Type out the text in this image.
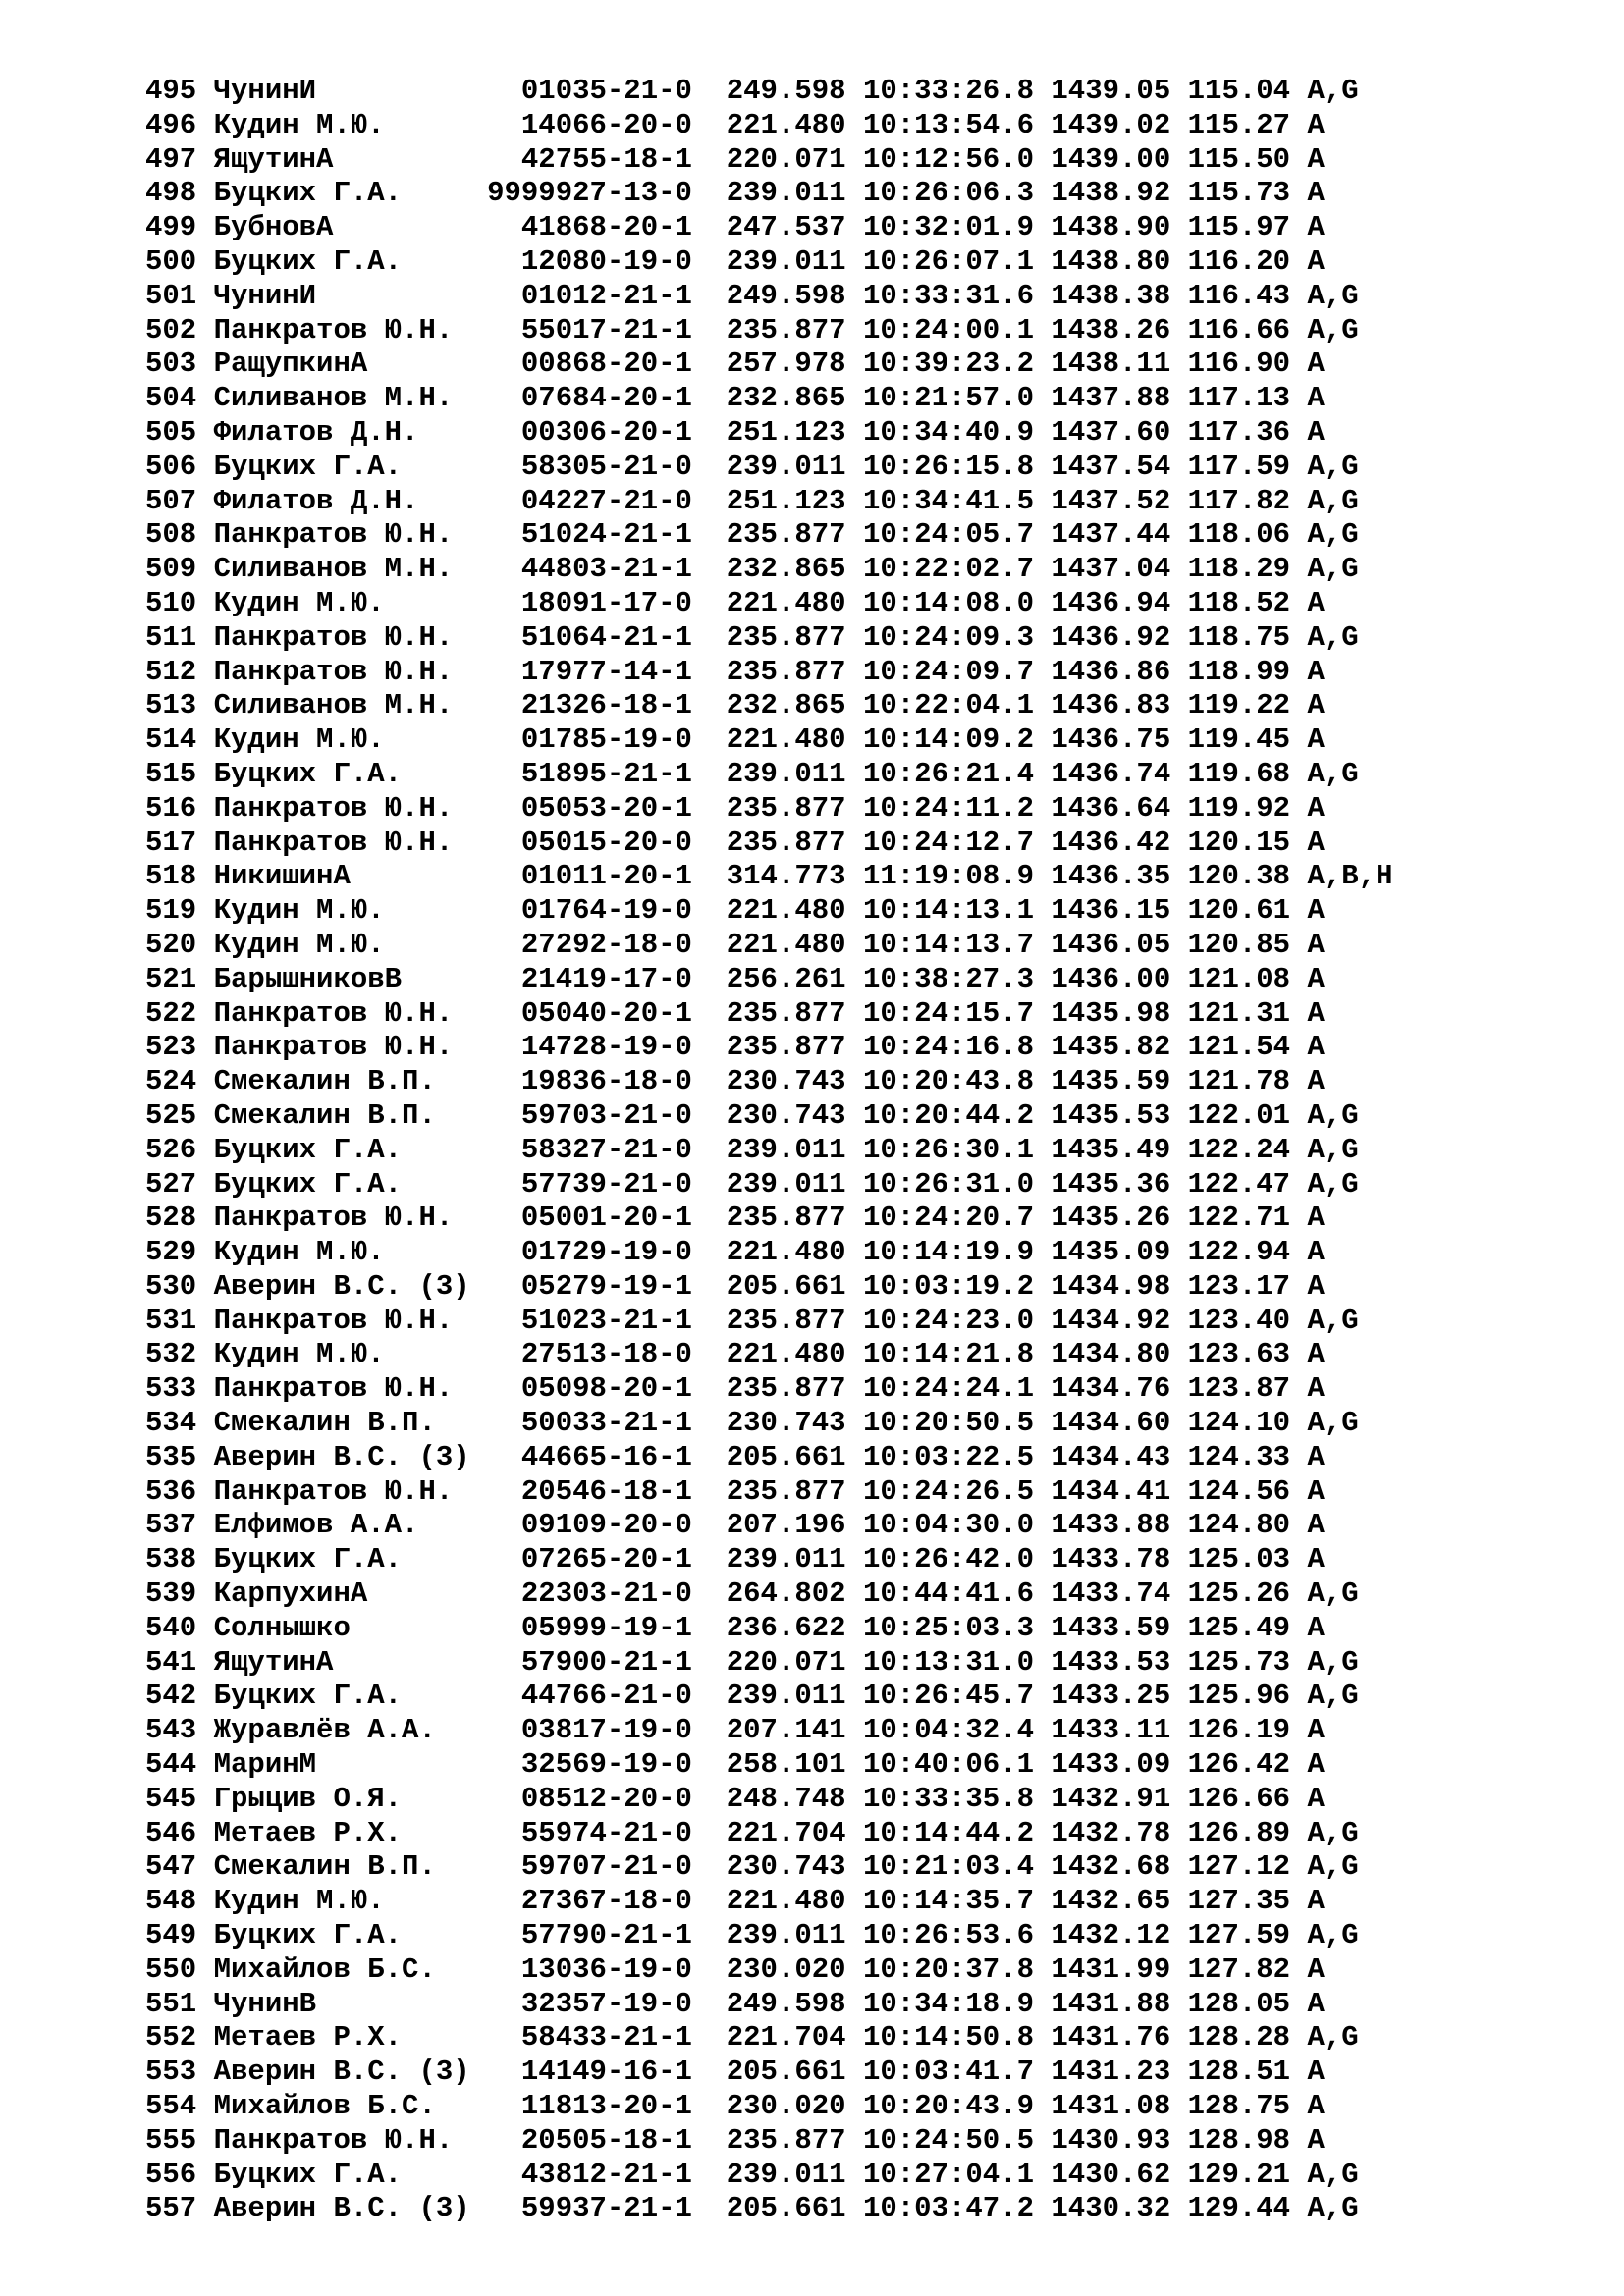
495 ЧунинИ	01035-21-0 249.598 10:33:26.8 1439.05 115.04 A,G
496 Кудин М.Ю.	14066-20-0 221.480 10:13:54.6 1439.02 115.27 A
497 ЯщутинА	42755-18-1 220.071 10:12:56.0 1439.00 115.50 A
498 Буцких Г.А.	9999927-13-0 239.011 10:26:06.3 1438.92 115.73 A
499 БубновА	41868-20-1 247.537 10:32:01.9 1438.90 115.97 A
500 Буцких Г.А.	12080-19-0 239.011 10:26:07.1 1438.80 116.20 A
501 ЧунинИ	01012-21-1 249.598 10:33:31.6 1438.38 116.43 A,G
502 Панкратов Ю.Н. 55017-21-1 235.877 10:24:00.1 1438.26 116.66 A,G
503 РащупкинА	00868-20-1 257.978 10:39:23.2 1438.11 116.90 A
504 Силиванов М.Н. 07684-20-1 232.865 10:21:57.0 1437.88 117.13 A
505 Филатов Д.Н.	00306-20-1 251.123 10:34:40.9 1437.60 117.36 A
506 Буцких Г.А.	58305-21-0 239.011 10:26:15.8 1437.54 117.59 A,G
507 Филатов Д.Н.	04227-21-0 251.123 10:34:41.5 1437.52 117.82 A,G
508 Панкратов Ю.Н. 51024-21-1 235.877 10:24:05.7 1437.44 118.06 A,G
509 Силиванов М.Н. 44803-21-1 232.865 10:22:02.7 1437.04 118.29 A,G
510 Кудин М.Ю.	18091-17-0 221.480 10:14:08.0 1436.94 118.52 A
511 Панкратов Ю.Н. 51064-21-1 235.877 10:24:09.3 1436.92 118.75 A,G
512 Панкратов Ю.Н. 17977-14-1 235.877 10:24:09.7 1436.86 118.99 A
513 Силиванов М.Н. 21326-18-1 232.865 10:22:04.1 1436.83 119.22 A
514 Кудин М.Ю.	01785-19-0 221.480 10:14:09.2 1436.75 119.45 A
515 Буцких Г.А.	51895-21-1 239.011 10:26:21.4 1436.74 119.68 A,G
516 Панкратов Ю.Н. 05053-20-1 235.877 10:24:11.2 1436.64 119.92 A
517 Панкратов Ю.Н. 05015-20-0 235.877 10:24:12.7 1436.42 120.15 A
518 НикишинА	01011-20-1 314.773 11:19:08.9 1436.35 120.38 A,B,H
519 Кудин М.Ю.	01764-19-0 221.480 10:14:13.1 1436.15 120.61 A
520 Кудин М.Ю.	27292-18-0 221.480 10:14:13.7 1436.05 120.85 A
521 БарышниковВ	21419-17-0 256.261 10:38:27.3 1436.00 121.08 A
522 Панкратов Ю.Н. 05040-20-1 235.877 10:24:15.7 1435.98 121.31 A
523 Панкратов Ю.Н. 14728-19-0 235.877 10:24:16.8 1435.82 121.54 A
524 Смекалин В.П.	19836-18-0 230.743 10:20:43.8 1435.59 121.78 A
525 Смекалин В.П.	59703-21-0 230.743 10:20:44.2 1435.53 122.01 A,G
526 Буцких Г.А.	58327-21-0 239.011 10:26:30.1 1435.49 122.24 A,G
527 Буцких Г.А.	57739-21-0 239.011 10:26:31.0 1435.36 122.47 A,G
528 Панкратов Ю.Н. 05001-20-1 235.877 10:24:20.7 1435.26 122.71 A
529 Кудин М.Ю.	01729-19-0 221.480 10:14:19.9 1435.09 122.94 A
530 Аверин В.С. (3) 05279-19-1 205.661 10:03:19.2 1434.98 123.17 A
531 Панкратов Ю.Н. 51023-21-1 235.877 10:24:23.0 1434.92 123.40 A,G
532 Кудин М.Ю.	27513-18-0 221.480 10:14:21.8 1434.80 123.63 A
533 Панкратов Ю.Н. 05098-20-1 235.877 10:24:24.1 1434.76 123.87 A
534 Смекалин В.П.	50033-21-1 230.743 10:20:50.5 1434.60 124.10 A,G
535 Аверин В.С. (3) 44665-16-1 205.661 10:03:22.5 1434.43 124.33 A
536 Панкратов Ю.Н. 20546-18-1 235.877 10:24:26.5 1434.41 124.56 A
537 Елфимов А.А.	09109-20-0 207.196 10:04:30.0 1433.88 124.80 A
538 Буцких Г.А.	07265-20-1 239.011 10:26:42.0 1433.78 125.03 A
539 КарпухинА	22303-21-0 264.802 10:44:41.6 1433.74 125.26 A,G
540 Солнышко	05999-19-1 236.622 10:25:03.3 1433.59 125.49 A
541 ЯщутинА	57900-21-1 220.071 10:13:31.0 1433.53 125.73 A,G
542 Буцких Г.А.	44766-21-0 239.011 10:26:45.7 1433.25 125.96 A,G
543 Журавлёв А.А.	03817-19-0 207.141 10:04:32.4 1433.11 126.19 A
544 МаринМ	32569-19-0 258.101 10:40:06.1 1433.09 126.42 A
545 Грыцив О.Я.	08512-20-0 248.748 10:33:35.8 1432.91 126.66 A
546 Метаев Р.Х.	55974-21-0 221.704 10:14:44.2 1432.78 126.89 A,G
547 Смекалин В.П.	59707-21-0 230.743 10:21:03.4 1432.68 127.12 A,G
548 Кудин М.Ю.	27367-18-0 221.480 10:14:35.7 1432.65 127.35 A
549 Буцких Г.А.	57790-21-1 239.011 10:26:53.6 1432.12 127.59 A,G
550 Михайлов Б.С.	13036-19-0 230.020 10:20:37.8 1431.99 127.82 A
551 ЧунинВ	32357-19-0 249.598 10:34:18.9 1431.88 128.05 A
552 Метаев Р.Х.	58433-21-1 221.704 10:14:50.8 1431.76 128.28 A,G
553 Аверин В.С. (3) 14149-16-1 205.661 10:03:41.7 1431.23 128.51 A
554 Михайлов Б.С.	11813-20-1 230.020 10:20:43.9 1431.08 128.75 A
555 Панкратов Ю.Н. 20505-18-1 235.877 10:24:50.5 1430.93 128.98 A
556 Буцких Г.А.	43812-21-1 239.011 10:27:04.1 1430.62 129.21 A,G
557 Аверин В.С. (3) 59937-21-1 205.661 10:03:47.2 1430.32 129.44 A,G
